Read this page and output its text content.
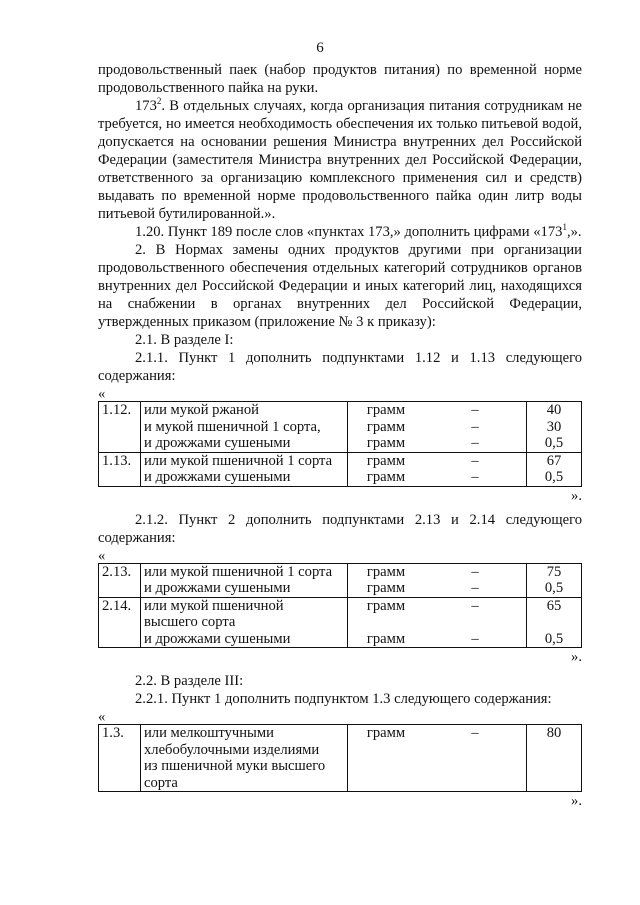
6

продовольственный паек (набор продуктов питания) по временной норме продовольственного пайка на руки.

$173^2$. В отдельных случаях, когда организация питания сотрудникам не требуется, но имеется необходимость обеспечения их только питьевой водой, допускается на основании решения Министра внутренних дел Российской Федерации (заместителя Министра внутренних дел Российской Федерации, ответственного за организацию комплексного применения сил и средств) выдавать по временной норме продовольственного пайка один литр воды питьевой бутилированной.».

1.20. Пункт 189 после слов «пунктах 173,» дополнить цифрами «$173^1$,».

2. В Нормах замены одних продуктов другими при организации продовольственного обеспечения отдельных категорий сотрудников органов внутренних дел Российской Федерации и иных категорий лиц, находящихся на снабжении в органах внутренних дел Российской Федерации, утвержденных приказом (приложение № 3 к приказу):

2.1. В разделе I:

2.1.1. Пункт 1 дополнить подпунктами 1.12 и 1.13 следующего содержания:

«
1.12.	или мукой ржаной	грамм	–	40
	и мукой пшеничной 1 сорта,	грамм	–	30
	и дрожжами сушеными	грамм	–	0,5
1.13.	или мукой пшеничной 1 сорта	грамм	–	67
	и дрожжами сушеными	грамм	–	0,5
».

2.1.2. Пункт 2 дополнить подпунктами 2.13 и 2.14 следующего содержания:

«
2.13.	или мукой пшеничной 1 сорта	грамм	–	75
	и дрожжами сушеными	грамм	–	0,5
2.14.	или мукой пшеничной	грамм	–	65
	высшего сорта			
	и дрожжами сушеными	грамм	–	0,5
».

2.2. В разделе III:

2.2.1. Пункт 1 дополнить подпунктом 1.3 следующего содержания:

«
1.3.	или мелкоштучными	грамм	–	80
	хлебобулочными изделиями			
	из пшеничной муки высшего			
	сорта			
».
